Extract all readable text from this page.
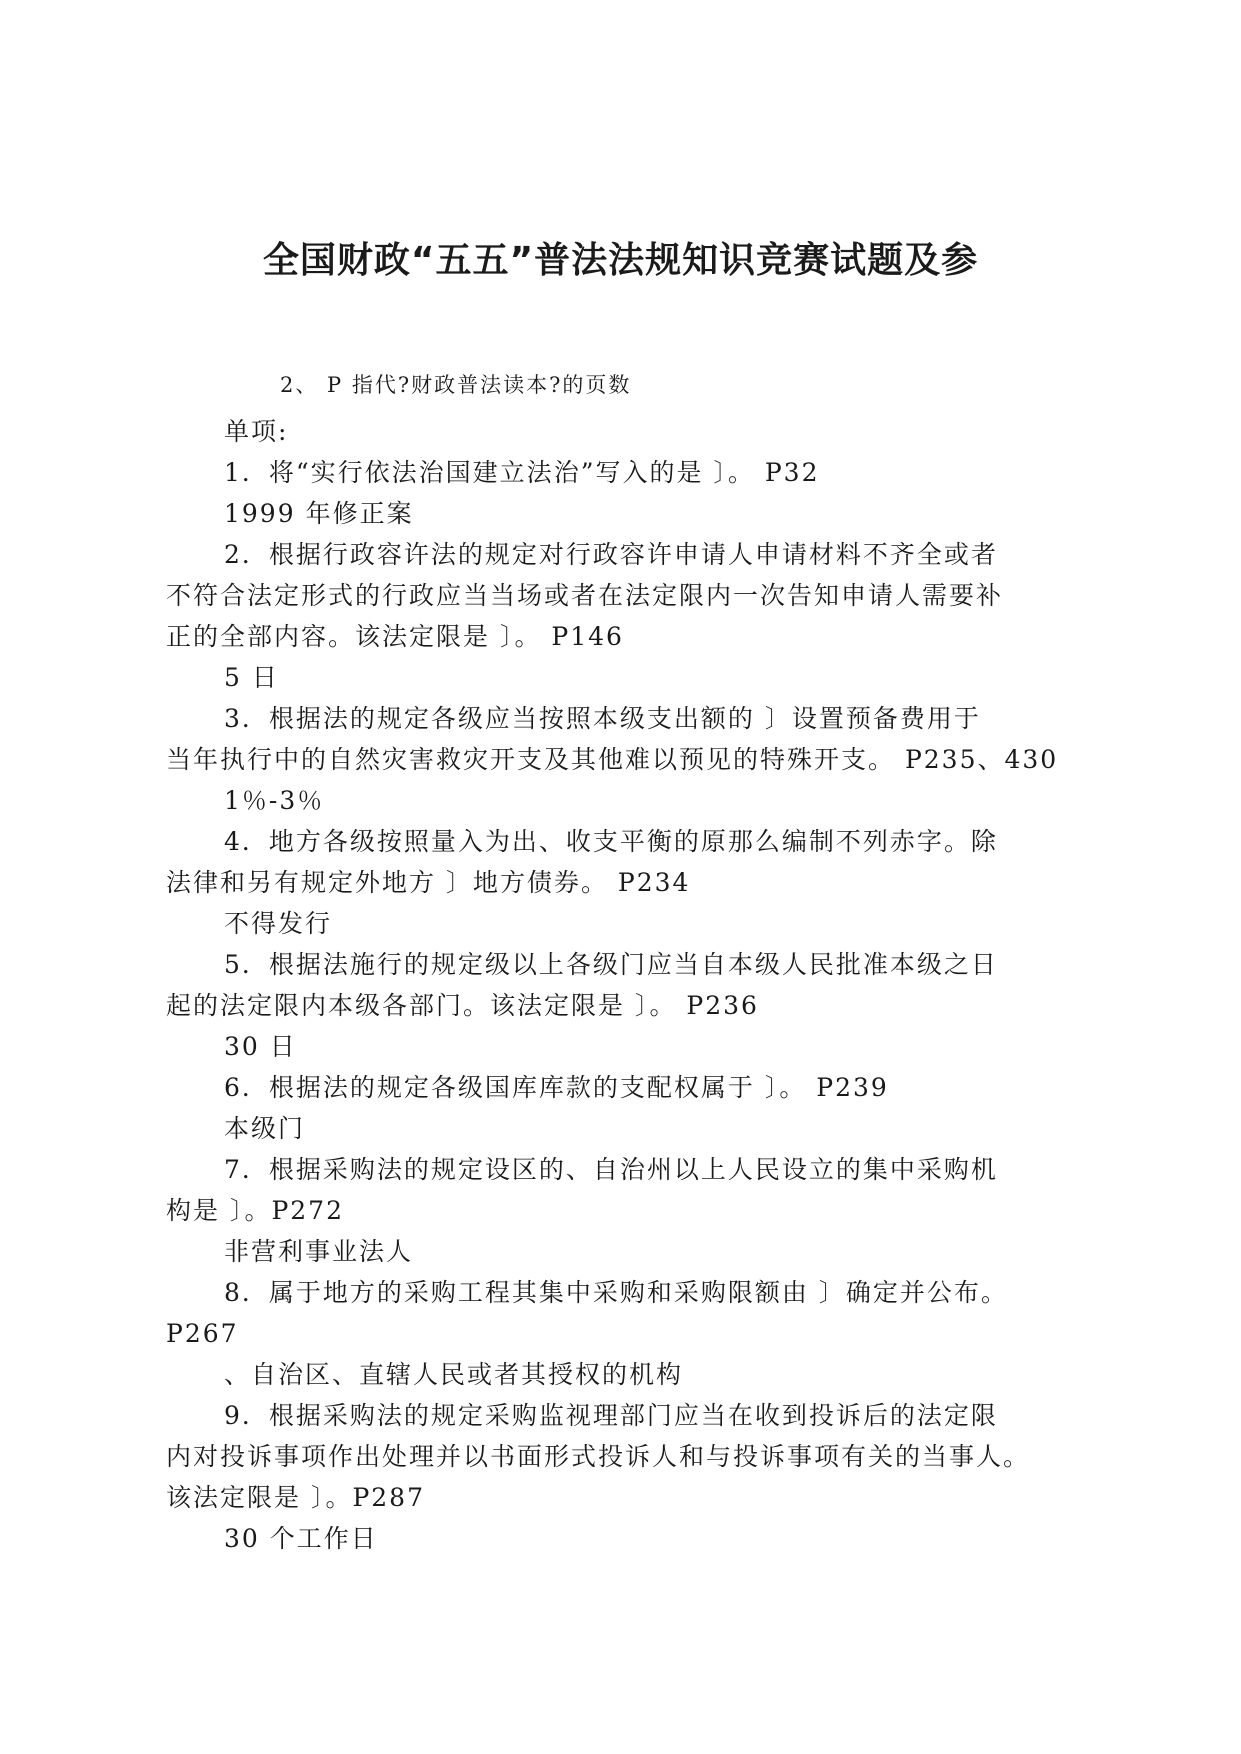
全国财政“五五”普法法规知识竞赛试题及参

2、 P 指代?财政普法读本?的页数

单项:

1．将“实行依法治国建立法治”写入的是 〕。 P32

1999 年修正案

2．根据行政容许法的规定对行政容许申请人申请材料不齐全或者

不符合法定形式的行政应当当场或者在法定限内一次告知申请人需要补

正的全部内容。该法定限是 〕。 P146

5 日

3．根据法的规定各级应当按照本级支出额的 〕设置预备费用于

当年执行中的自然灾害救灾开支及其他难以预见的特殊开支。 P235、430

1％-3％

4．地方各级按照量入为出、收支平衡的原那么编制不列赤字。除

法律和另有规定外地方 〕地方债券。 P234

不得发行

5．根据法施行的规定级以上各级门应当自本级人民批准本级之日

起的法定限内本级各部门。该法定限是 〕。 P236

30 日

6．根据法的规定各级国库库款的支配权属于 〕。 P239

本级门

7．根据采购法的规定设区的、自治州以上人民设立的集中采购机

构是 〕。P272

非营利事业法人

8．属于地方的采购工程其集中采购和采购限额由 〕确定并公布。

P267

、自治区、直辖人民或者其授权的机构

9．根据采购法的规定采购监视理部门应当在收到投诉后的法定限

内对投诉事项作出处理并以书面形式投诉人和与投诉事项有关的当事人。

该法定限是 〕。P287

30 个工作日
